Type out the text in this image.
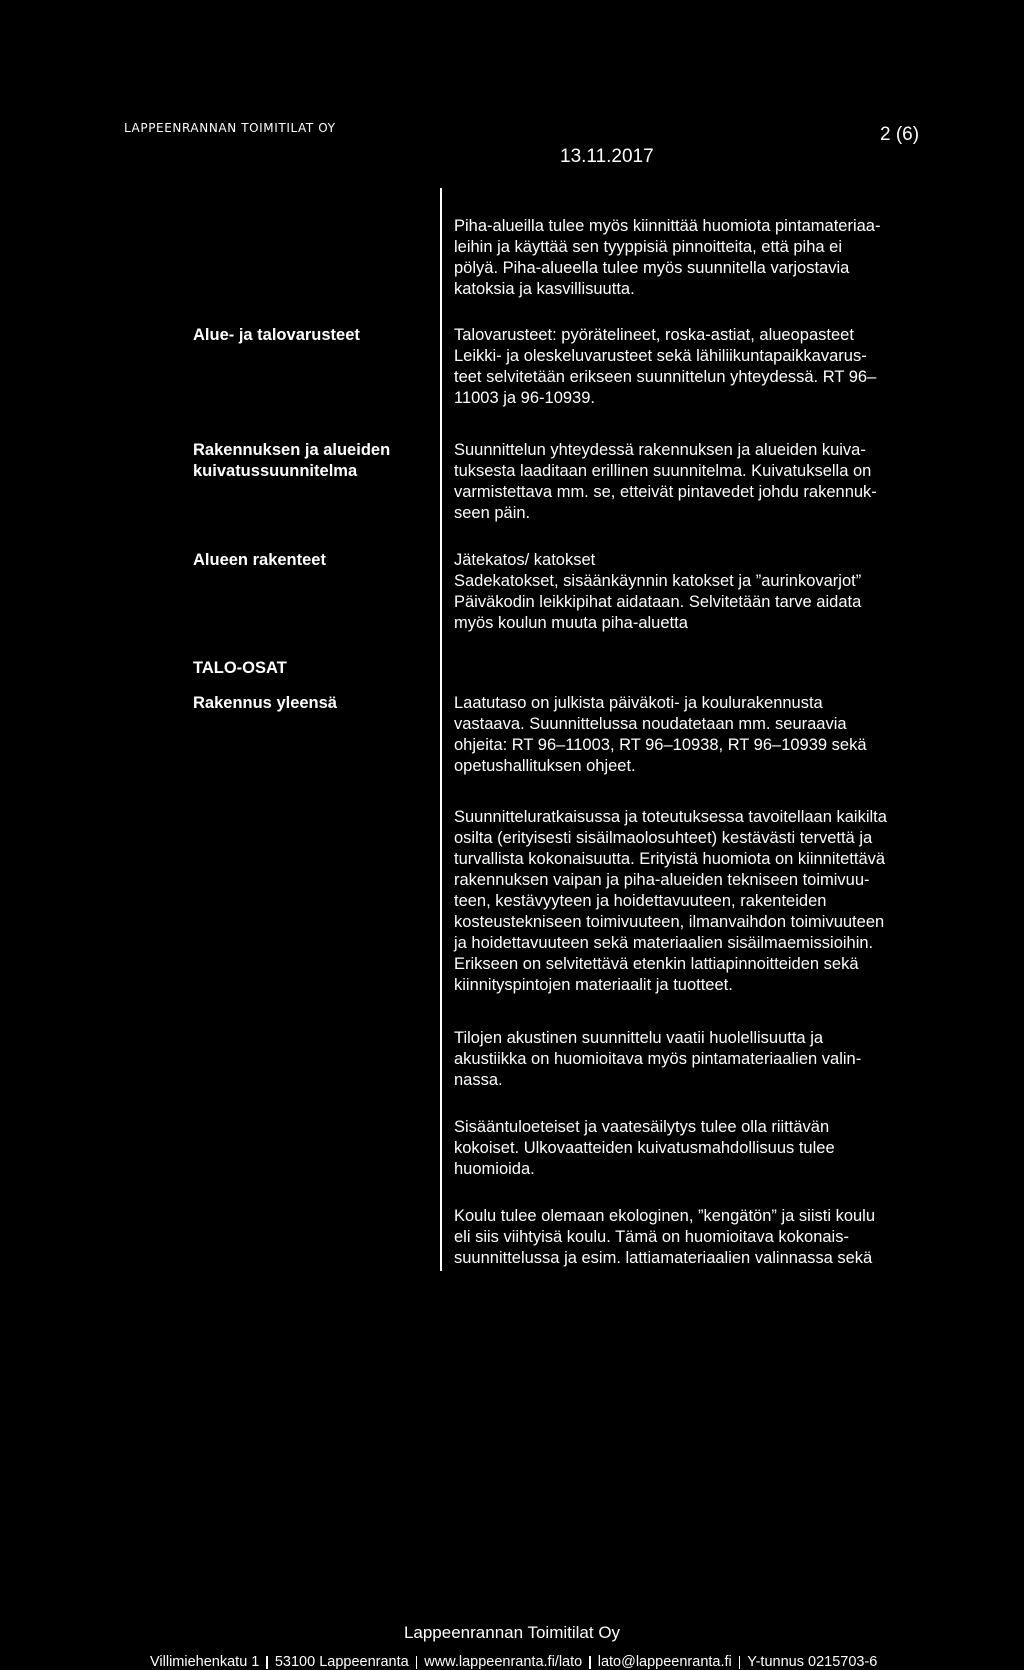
LAPPEENRANNAN TOIMITILAT OY	2 (6)
13.11.2017
Alue- ja talovarusteet
Rakennuksen ja alueiden
kuivatussuunnitelma
Alueen rakenteet
TALO-OSAT
Rakennus yleensä
Piha-alueilla tulee myös kiinnittää huomiota pintamateriaa-
leihin ja käyttää sen tyyppisiä pinnoitteita, että piha ei
pölyä. Piha-alueella tulee myös suunnitella varjostavia
katoksia ja kasvillisuutta.
Talovarusteet: pyörätelineet, roska-astiat, alueopasteet
Leikki- ja oleskeluvarusteet sekä lähiliikuntapaikkavarus-
teet selvitetään erikseen suunnittelun yhteydessä. RT 96–
11003 ja 96-10939.
Suunnittelun yhteydessä rakennuksen ja alueiden kuiva-
tuksesta laaditaan erillinen suunnitelma. Kuivatuksella on
varmistettava mm. se, etteivät pintavedet johdu rakennuk-
seen päin.
Jätekatos/ katokset
Sadekatokset, sisäänkäynnin katokset ja ”aurinkovarjot”
Päiväkodin leikkipihat aidataan. Selvitetään tarve aidata
myös koulun muuta piha-aluetta
Laatutaso on julkista päiväkoti- ja koulurakennusta
vastaava. Suunnittelussa noudatetaan mm. seuraavia
ohjeita: RT 96–11003, RT 96–10938, RT 96–10939 sekä
opetushallituksen ohjeet.
Suunnitteluratkaisussa ja toteutuksessa tavoitellaan kaikilta
osilta (erityisesti sisäilmaolosuhteet) kestävästi tervettä ja
turvallista kokonaisuutta. Erityistä huomiota on kiinnitettävä
rakennuksen vaipan ja piha-alueiden tekniseen toimivuu-
teen, kestävyyteen ja hoidettavuuteen, rakenteiden
kosteustekniseen toimivuuteen, ilmanvaihdon toimivuuteen
ja hoidettavuuteen sekä materiaalien sisäilmaemissioihin.
Erikseen on selvitettävä etenkin lattiapinnoitteiden sekä
kiinnityspintojen materiaalit ja tuotteet.
Tilojen akustinen suunnittelu vaatii huolellisuutta ja
akustiikka on huomioitava myös pintamateriaalien valin-
nassa.
Sisääntuloeteiset ja vaatesäilytys tulee olla riittävän
kokoiset. Ulkovaatteiden kuivatusmahdollisuus tulee
huomioida.
Koulu tulee olemaan ekologinen, ”kengätön” ja siisti koulu
eli siis viihtyisä koulu. Tämä on huomioitava kokonais-
suunnittelussa ja esim. lattiamateriaalien valinnassa sekä
Lappeenrannan Toimitilat Oy
Villimiehenkatu 1 53100 Lappeenranta www.lappeenranta.fi/lato lato@lappeenranta.fi Y-tunnus 0215703-6
